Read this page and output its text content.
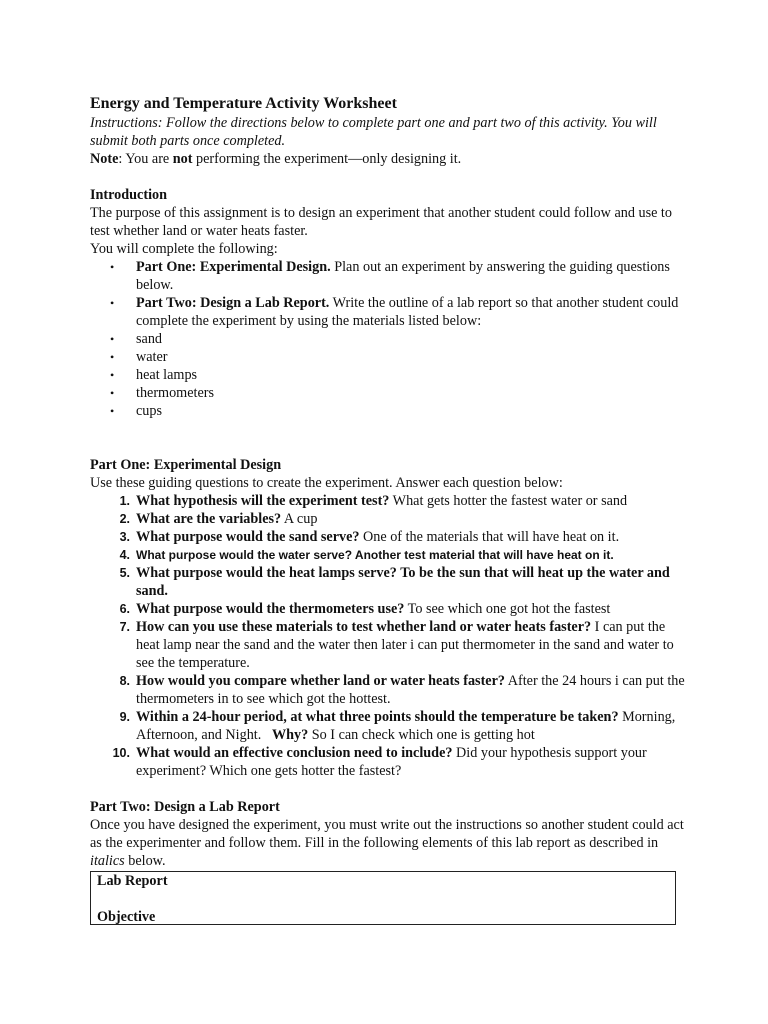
Energy and Temperature Activity Worksheet

Instructions: Follow the directions below to complete part one and part two of this activity. You will submit both parts once completed.

Note: You are not performing the experiment—only designing it.

Introduction

The purpose of this assignment is to design an experiment that another student could follow and use to test whether land or water heats faster.

You will complete the following:

• Part One: Experimental Design. Plan out an experiment by answering the guiding questions below.
• Part Two: Design a Lab Report. Write the outline of a lab report so that another student could complete the experiment by using the materials listed below:
• sand
• water
• heat lamps
• thermometers
• cups

Part One: Experimental Design

Use these guiding questions to create the experiment. Answer each question below:

1. What hypothesis will the experiment test? What gets hotter the fastest water or sand
2. What are the variables? A cup
3. What purpose would the sand serve? One of the materials that will have heat on it.
4. What purpose would the water serve? Another test material that will have heat on it.
5. What purpose would the heat lamps serve? To be the sun that will heat up the water and sand.
6. What purpose would the thermometers use? To see which one got hot the fastest
7. How can you use these materials to test whether land or water heats faster? I can put the heat lamp near the sand and the water then later i can put thermometer in the sand and water to see the temperature.
8. How would you compare whether land or water heats faster? After the 24 hours i can put the thermometers in to see which got the hottest.
9. Within a 24-hour period, at what three points should the temperature be taken? Morning, Afternoon, and Night. Why? So I can check which one is getting hot
10. What would an effective conclusion need to include? Did your hypothesis support your experiment? Which one gets hotter the fastest?

Part Two: Design a Lab Report

Once you have designed the experiment, you must write out the instructions so another student could act as the experimenter and follow them. Fill in the following elements of this lab report as described in italics below.

Lab Report

Objective
